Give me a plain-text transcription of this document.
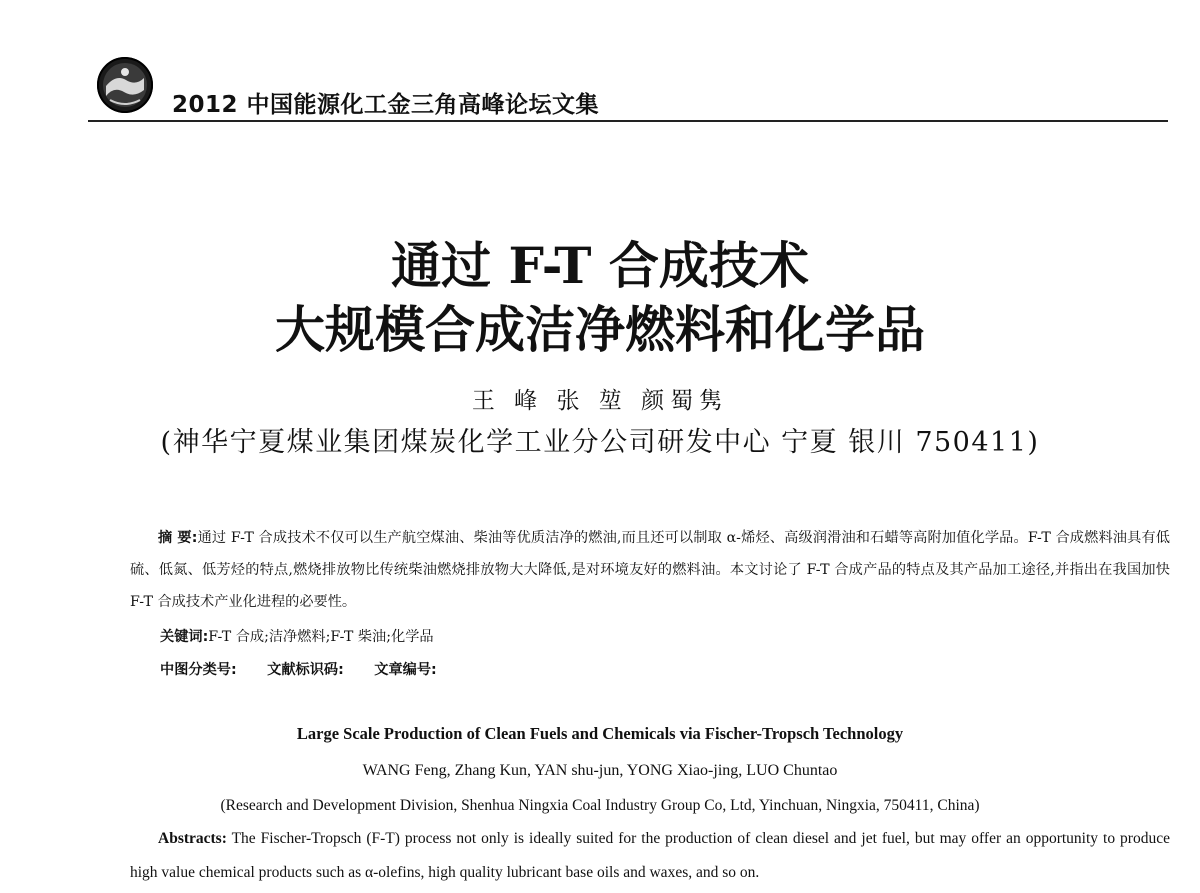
2012 中国能源化工金三角高峰论坛文集
通过 F-T 合成技术
大规模合成洁净燃料和化学品
王 峰 张 堃 颜蜀隽
(神华宁夏煤业集团煤炭化学工业分公司研发中心 宁夏 银川 750411)

摘 要:通过 F-T 合成技术不仅可以生产航空煤油、柴油等优质洁净的燃油,而且还可以制取 α-烯烃、高级润滑油和石蜡等高附加值化学品。F-T 合成燃料油具有低硫、低氮、低芳烃的特点,燃烧排放物比传统柴油燃烧排放物大大降低,是对环境友好的燃料油。本文讨论了 F-T 合成产品的特点及其产品加工途径,并指出在我国加快 F-T 合成技术产业化进程的必要性。

关键词:F-T 合成;洁净燃料;F-T 柴油;化学品
中图分类号: 文献标识码: 文章编号:
Large Scale Production of Clean Fuels and Chemicals via Fischer-Tropsch Technology
WANG Feng, Zhang Kun, YAN shu-jun, YONG Xiao-jing, LUO Chuntao
(Research and Development Division, Shenhua Ningxia Coal Industry Group Co, Ltd, Yinchuan, Ningxia, 750411, China)

Abstracts: The Fischer-Tropsch (F-T) process not only is ideally suited for the production of clean diesel and jet fuel, but may offer an opportunity to produce high value chemical products such as α-olefins, high quality lubricant base oils and waxes, and so on.
